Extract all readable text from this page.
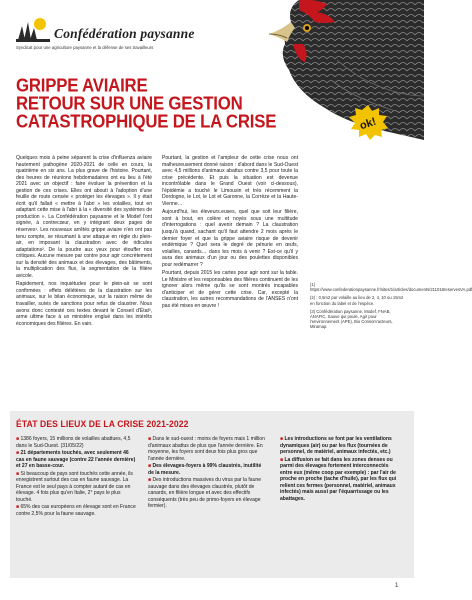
Confédération paysanne
Syndicat pour une agriculture paysanne et la défense de ses travailleurs
GRIPPE AVIAIRE
RETOUR SUR UNE GESTION
CATASTROPHIQUE DE LA CRISE	ok!

Quelques mois à peine séparent la crise d'influenza aviaire hautement pathogène 2020-2021 de celle en cours, la quatrième en six ans. La plus grave de l'histoire. Pourtant, des heures de réunions hebdomadaires ont eu lieu à l'été 2021 avec un objectif : faire évoluer la prévention et la gestion de ces crises. Elles ont abouti à l'adoption d'une feuille de route censée « protéger les élevages ». Il y était écrit qu'il fallait « mettre à l'abri » les volailles, tout en adaptant cette mise à l'abri à la « diversité des systèmes de production ». La Confédération paysanne et le Modef l'ont signée, à contrecœur, en y intégrant deux pages de réserves¹. Les nouveaux arrêtés grippe aviaire n'en ont pas tenu compte, se résumant à une attaque en règle du plein-air, en imposant la claustration avec de ridicules adaptations². De la poudre aux yeux pour étouffer nos critiques. Aucune mesure par contre pour agir concrètement sur la densité des animaux et des élevages, des bâtiments, la multiplication des flux, la segmentation de la filière avicole.

Rapidement, nos inquiétudes pour le plein-air se sont confirmées : effets délétères de la claustration sur les animaux, sur le bilan économique, sur la raison même de travailler, suivis de sanctions pour refus de claustrer. Nous avons donc contesté ces textes devant le Conseil d'État³, arme ultime face à un ministère englué dans les intérêts économiques des filières. En vain.

Pourtant, la gestion et l'ampleur de cette crise nous ont malheureusement donné raison : d'abord dans le Sud-Ouest avec 4,5 millions d'animaux abattus contre 3,5 pour toute la crise précédente. Et puis la situation est devenue incontrôlable dans le Grand Ouest (voir ci-dessous), l'épidémie a touché le Limousin et très récemment la Dordogne, le Lot, le Lot et Garonne, la Corrèze et la Haute-Vienne…

Aujourd'hui, les éleveurs.euses, quel que soit leur filière, sont à bout, en colère et noyés sous une multitude d'interrogations : quel avenir demain ? La claustration jusqu'à quand, sachant qu'il faut attendre 2 mois après le dernier foyer et que la grippe aviaire risque de devenir endémique ? Quel sera le degré de pénurie en œufs, volailles, canards… dans les mois à venir ? Est-ce qu'il y aura des animaux d'un jour ou des poulettes disponibles pour redémarrer ?

Pourtant, depuis 2015 les cartes pour agir sont sur la table. Le Ministre et les responsables des filières continuent de les ignorer alors même qu'ils se sont montrés incapables d'anticiper et de gérer cette crise. Car, excepté la claustration, les autres recommandations de l'ANSES n'ont pas été mises en œuvre !

(1) https://www.confederationpaysanne.fr/sites/1/articles/documents/211018reservesVA.pdf

(2) : 0,5m2 par volaille au lieu de 2, 4, 10 ou 15m2 en fonction du label et de l'espèce.

(3) Confédération paysanne, Modef, FNAB, ANAFIC, Sauve qui poule, Agir pour l'environnement (APE), Bio Consom'acteurs, Miramap.

ÉTAT DES LIEUX DE LA CRISE 2021-2022

■ 1386 foyers, 15 millions de volailles abattues, 4,5 dans le Sud-Ouest. (31/05/22)

■ 21 départements touchés, avec seulement 46 cas en faune sauvage (contre 22 l'année dernière) et 27 en basse-cour.

■ Si beaucoup de pays sont touchés cette année, ils enregistrent surtout des cas en faune sauvage. La France est le seul pays à compter autant de cas en élevage. 4 fois plus qu'en Italie, 2° pays le plus touché.

■ 65% des cas européens en élevage sont en France contre 2,5% pour la faune sauvage.

■ Dans le sud-ouest : moins de foyers mais 1 million d'animaux abattus de plus que l'année dernière. En moyenne, les foyers sont deux fois plus gros que l'année dernière.

■ Des élevages-foyers à 99% claustrés, inutilité de la mesure.

■ Des introductions massives du virus par la faune sauvage dans des élevages claustrés, plutôt de canards, en filière longue et avec des effectifs conséquents (très peu de primo-foyers en élevage fermier).

■ Les introductions se font par les ventilations dynamiques (air) ou par les flux (tournées de personnel, de matériel, animaux infectés, etc.)

■ La diffusion se fait dans les zones denses ou parmi des élevages fortement interconnectés entre eux (même coop par exemple) : par l'air de proche en proche (tache d'huile), par les flux qui relient ces fermes (personnel, matériel, animaux infectés) mais aussi par l'équarrissage ou les abattages.

1
